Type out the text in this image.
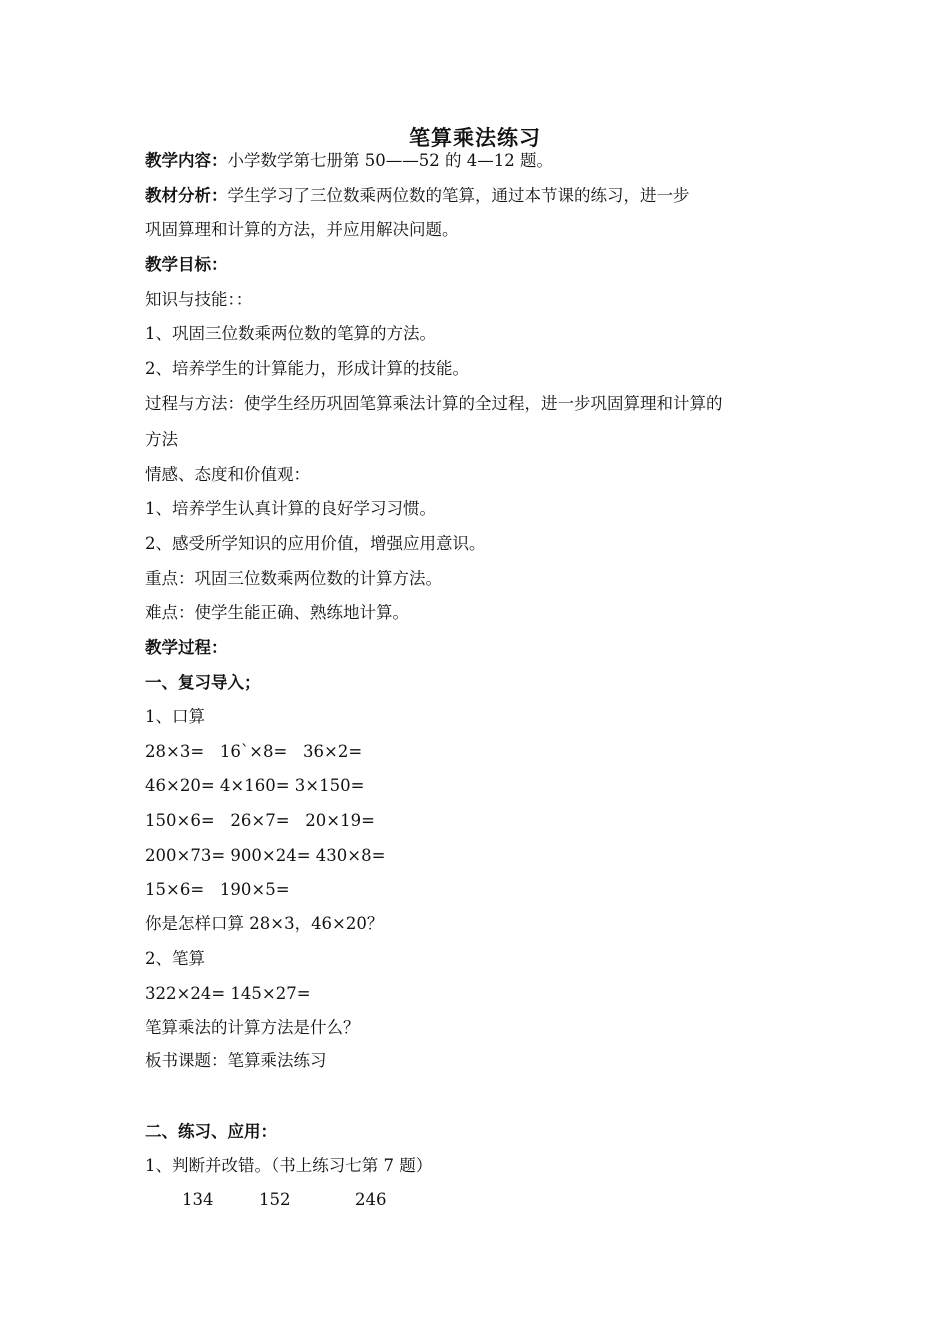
笔算乘法练习
教学内容：小学数学第七册第 50——52 的 4—12 题。
教材分析：学生学习了三位数乘两位数的笔算，通过本节课的练习，进一步
巩固算理和计算的方法，并应用解决问题。
教学目标：
知识与技能：：
1、巩固三位数乘两位数的笔算的方法。
2、培养学生的计算能力，形成计算的技能。
过程与方法：使学生经历巩固笔算乘法计算的全过程，进一步巩固算理和计算的
方法
情感、态度和价值观：
1、培养学生认真计算的良好学习习惯。
2、感受所学知识的应用价值，增强应用意识。
重点：巩固三位数乘两位数的计算方法。
难点：使学生能正确、熟练地计算。
教学过程：
一、复习导入；
1、口算
28×3=   16`×8=   36×2=
46×20= 4×160= 3×150=
150×6=   26×7=   20×19=
200×73= 900×24= 430×8=
15×6=   190×5=
你是怎样口算 28×3，46×20？
2、笔算
322×24= 145×27=
笔算乘法的计算方法是什么？
板书课题：笔算乘法练习
二、练习、应用：
1、判断并改错。（书上练习七第 7 题）
134	152	246
